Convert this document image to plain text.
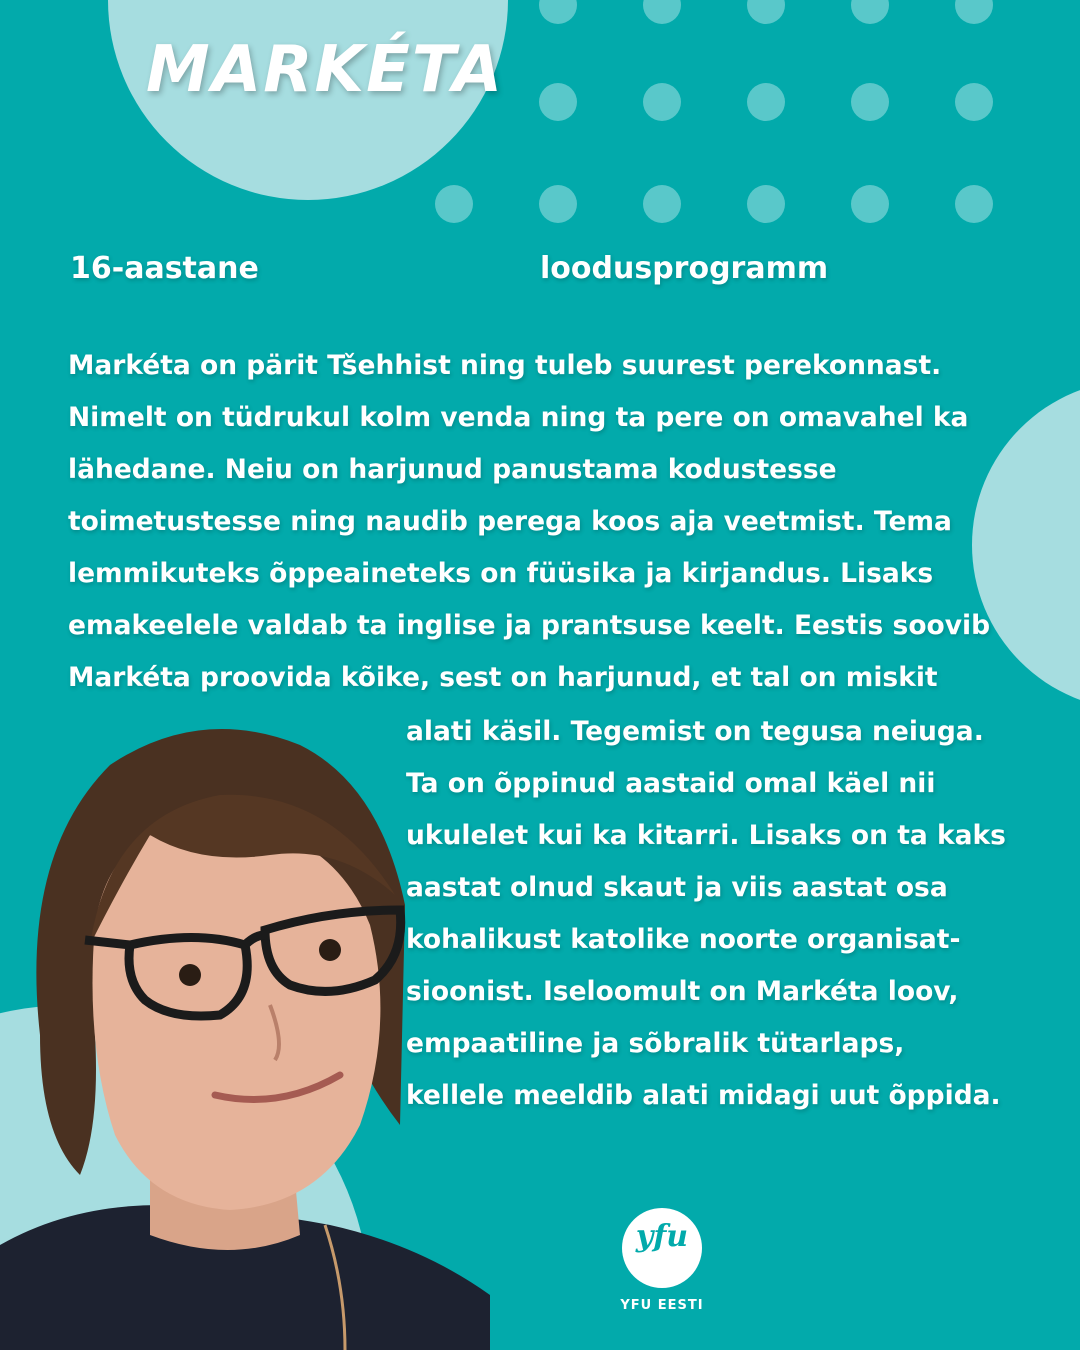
MARKÉTA

16-aastane	loodusprogramm

Markéta on pärit Tšehhist ning tuleb suurest perekonnast.
Nimelt on tüdrukul kolm venda ning ta pere on omavahel ka
lähedane. Neiu on harjunud panustama kodustesse
toimetustesse ning naudib perega koos aja veetmist. Tema
lemmikuteks õppeaineteks on füüsika ja kirjandus. Lisaks
emakeelele valdab ta inglise ja prantsuse keelt. Eestis soovib
Markéta proovida kõike, sest on harjunud, et tal on miskit

alati käsil. Tegemist on tegusa neiuga.
Ta on õppinud aastaid omal käel nii
ukulelet kui ka kitarri. Lisaks on ta kaks
aastat olnud skaut ja viis aastat osa
kohalikust katolike noorte organisat-
sioonist. Iseloomult on Markéta loov,
empaatiline ja sõbralik tütarlaps,
kellele meeldib alati midagi uut õppida.

yfu
YFU EESTI
